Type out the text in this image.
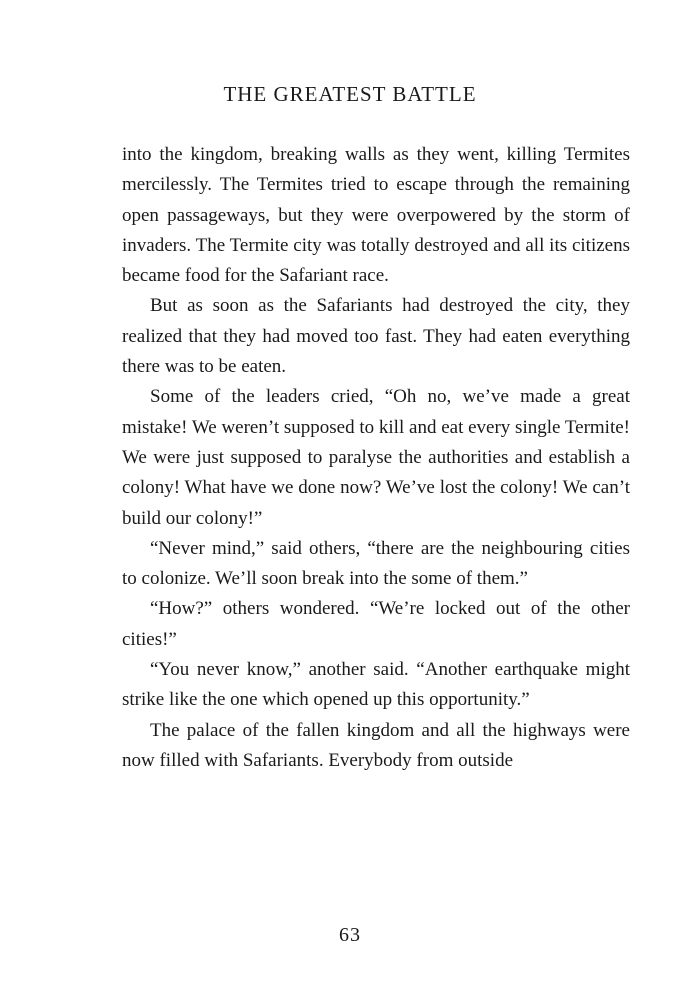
THE GREATEST BATTLE

into the kingdom, breaking walls as they went, killing Termites mercilessly. The Termites tried to escape through the remaining open passageways, but they were overpowered by the storm of invaders. The Termite city was totally destroyed and all its citizens became food for the Safariant race.

But as soon as the Safariants had destroyed the city, they realized that they had moved too fast. They had eaten everything there was to be eaten.

Some of the leaders cried, “Oh no, we’ve made a great mistake! We weren’t supposed to kill and eat every single Termite! We were just supposed to paralyse the authorities and establish a colony! What have we done now? We’ve lost the colony! We can’t build our colony!”

“Never mind,” said others, “there are the neighbouring cities to colonize. We’ll soon break into the some of them.”

“How?” others wondered. “We’re locked out of the other cities!”

“You never know,” another said. “Another earthquake might strike like the one which opened up this opportunity.”

The palace of the fallen kingdom and all the highways were now filled with Safariants. Everybody from outside

63
